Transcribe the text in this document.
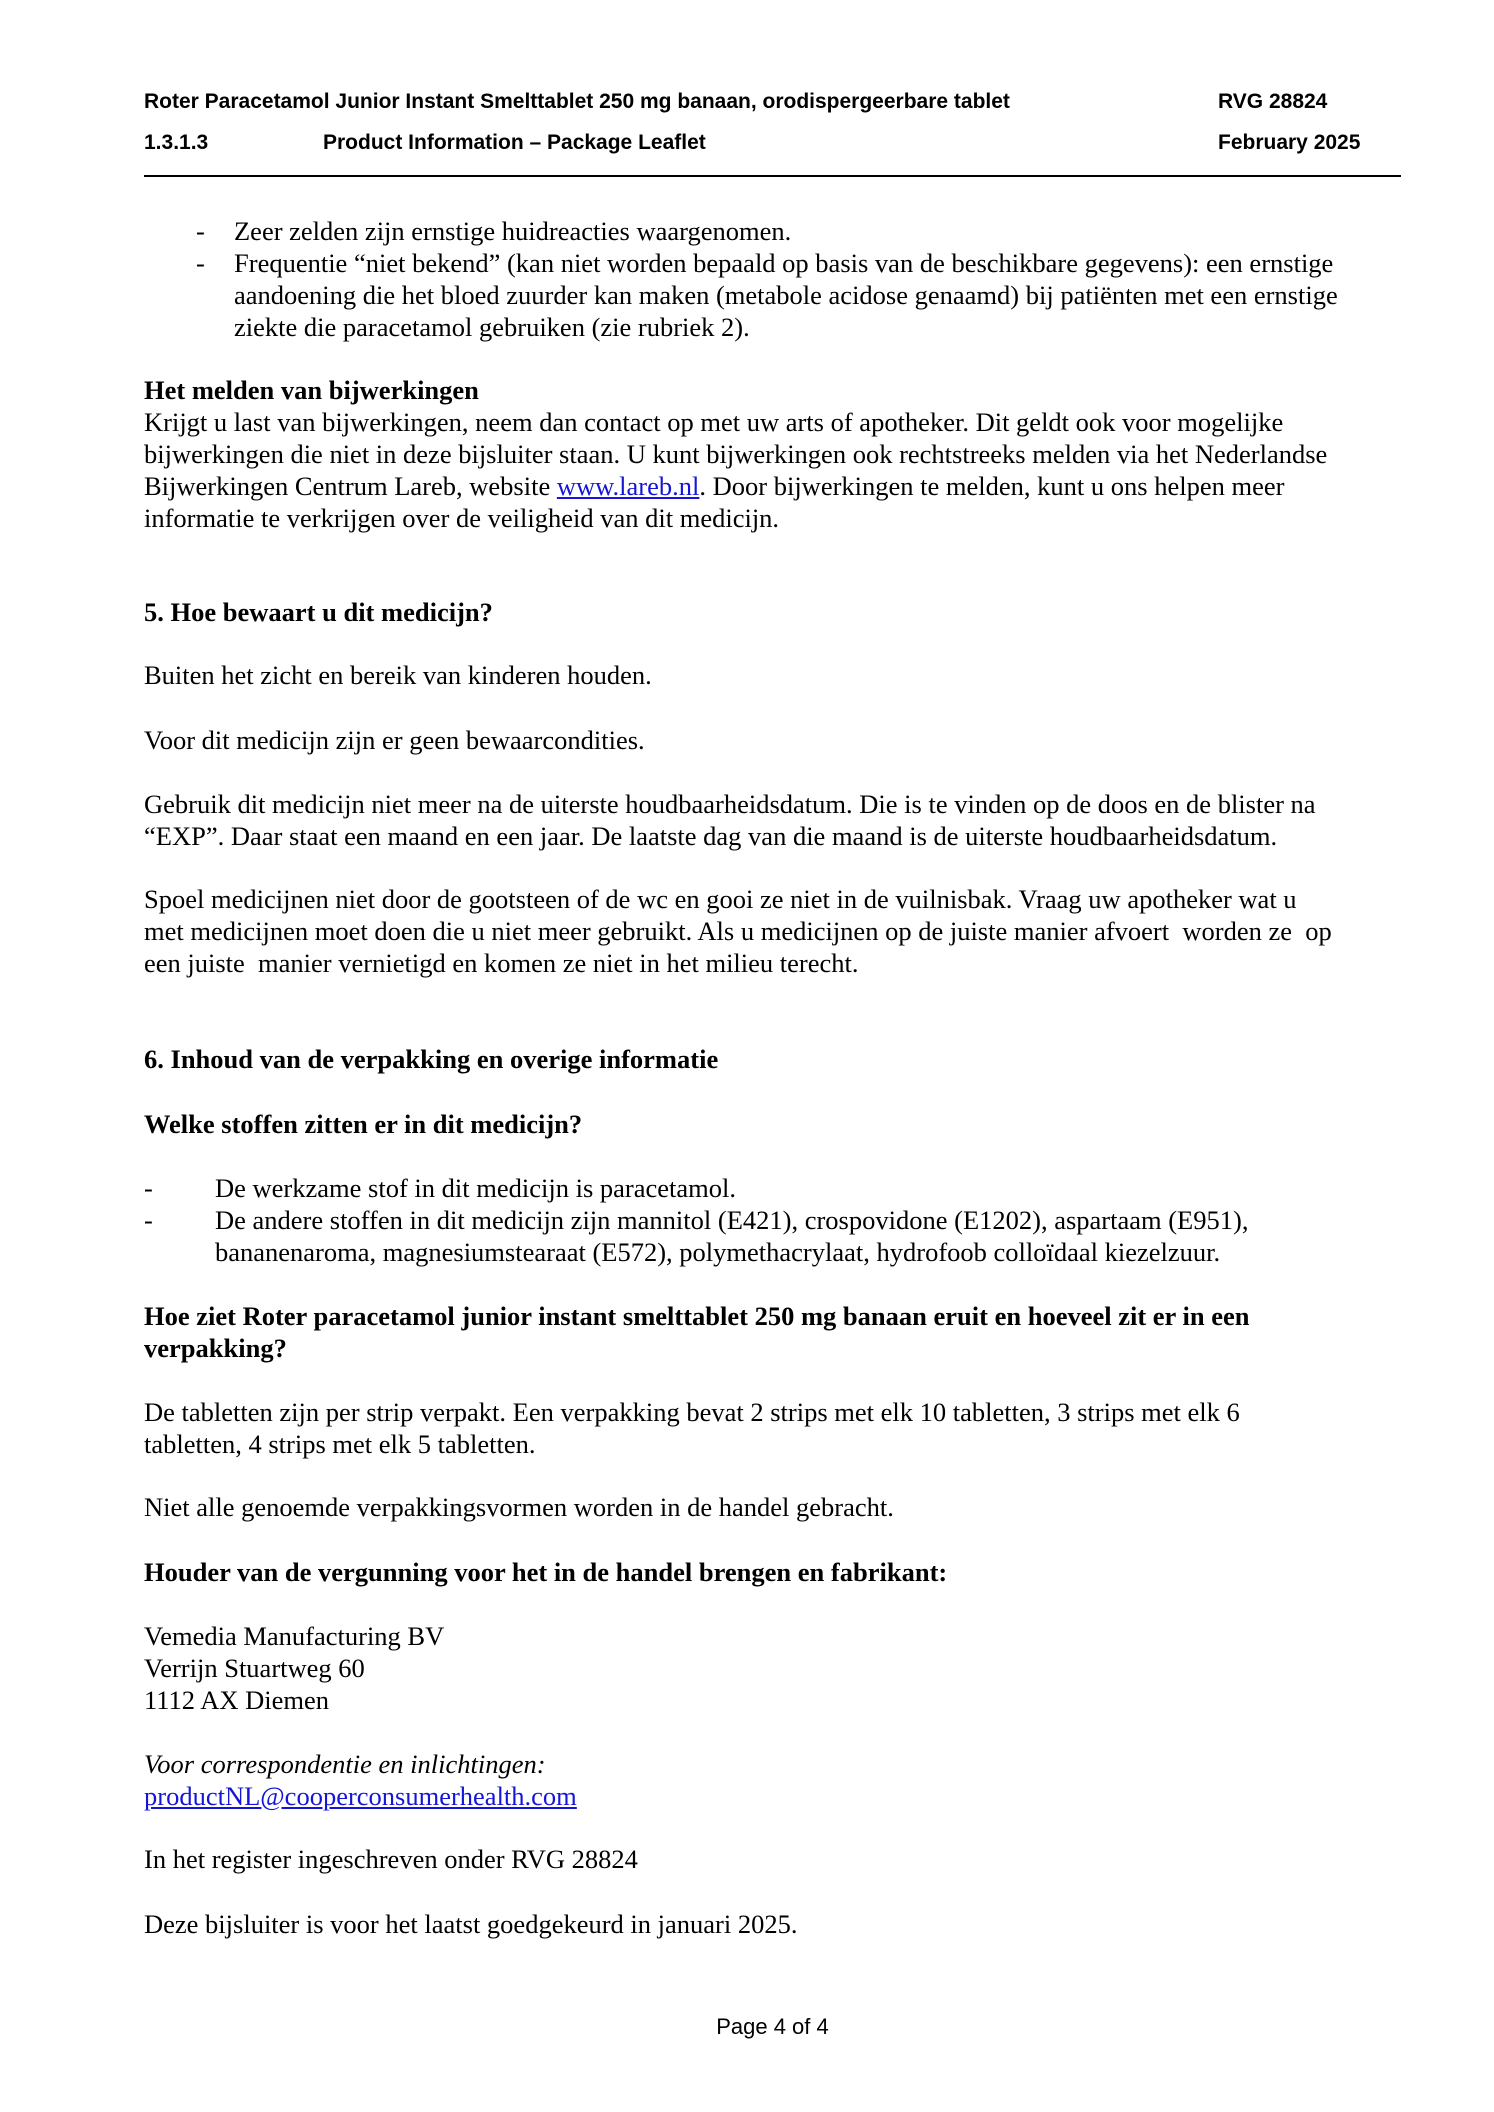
Roter Paracetamol Junior Instant Smelttablet 250 mg banaan, orodispergeerbare tablet	RVG 28824
1.3.1.3	Product Information – Package Leaflet	February 2025
- Zeer zelden zijn ernstige huidreacties waargenomen.
- Frequentie “niet bekend” (kan niet worden bepaald op basis van de beschikbare gegevens): een ernstige
aandoening die het bloed zuurder kan maken (metabole acidose genaamd) bij patiënten met een ernstige
ziekte die paracetamol gebruiken (zie rubriek 2).
Het melden van bijwerkingen
Krijgt u last van bijwerkingen, neem dan contact op met uw arts of apotheker. Dit geldt ook voor mogelijke
bijwerkingen die niet in deze bijsluiter staan. U kunt bijwerkingen ook rechtstreeks melden via het Nederlandse
Bijwerkingen Centrum Lareb, website www.lareb.nl. Door bijwerkingen te melden, kunt u ons helpen meer
informatie te verkrijgen over de veiligheid van dit medicijn.
5. Hoe bewaart u dit medicijn?
Buiten het zicht en bereik van kinderen houden.
Voor dit medicijn zijn er geen bewaarcondities.
Gebruik dit medicijn niet meer na de uiterste houdbaarheidsdatum. Die is te vinden op de doos en de blister na
“EXP”. Daar staat een maand en een jaar. De laatste dag van die maand is de uiterste houdbaarheidsdatum.
Spoel medicijnen niet door de gootsteen of de wc en gooi ze niet in de vuilnisbak. Vraag uw apotheker wat u
met medicijnen moet doen die u niet meer gebruikt. Als u medicijnen op de juiste manier afvoert  worden ze  op
een juiste  manier vernietigd en komen ze niet in het milieu terecht.
6. Inhoud van de verpakking en overige informatie
Welke stoffen zitten er in dit medicijn?
- De werkzame stof in dit medicijn is paracetamol.
- De andere stoffen in dit medicijn zijn mannitol (E421), crospovidone (E1202), aspartaam (E951),
bananenaroma, magnesiumstearaat (E572), polymethacrylaat, hydrofoob colloïdaal kiezelzuur.
Hoe ziet Roter paracetamol junior instant smelttablet 250 mg banaan eruit en hoeveel zit er in een
verpakking?
De tabletten zijn per strip verpakt. Een verpakking bevat 2 strips met elk 10 tabletten, 3 strips met elk 6
tabletten, 4 strips met elk 5 tabletten.
Niet alle genoemde verpakkingsvormen worden in de handel gebracht.
Houder van de vergunning voor het in de handel brengen en fabrikant:
Vemedia Manufacturing BV
Verrijn Stuartweg 60
1112 AX Diemen
Voor correspondentie en inlichtingen:
productNL@cooperconsumerhealth.com
In het register ingeschreven onder RVG 28824
Deze bijsluiter is voor het laatst goedgekeurd in januari 2025.
Page 4 of 4
